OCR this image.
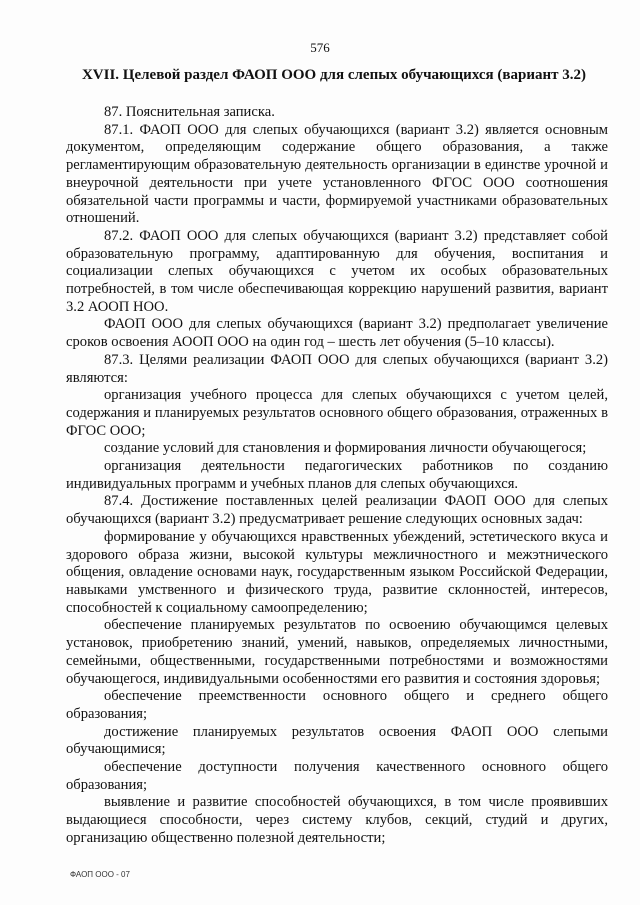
576
XVII. Целевой раздел ФАОП ООО для слепых обучающихся (вариант 3.2)

87. Пояснительная записка.

87.1. ФАОП ООО для слепых обучающихся (вариант 3.2) является основным документом, определяющим содержание общего образования, а также регламентирующим образовательную деятельность организации в единстве урочной и внеурочной деятельности при учете установленного ФГОС ООО соотношения обязательной части программы и части, формируемой участниками образовательных отношений.

87.2. ФАОП ООО для слепых обучающихся (вариант 3.2) представляет собой образовательную программу, адаптированную для обучения, воспитания и социализации слепых обучающихся с учетом их особых образовательных потребностей, в том числе обеспечивающая коррекцию нарушений развития, вариант 3.2 АООП НОО.

ФАОП ООО для слепых обучающихся (вариант 3.2) предполагает увеличение сроков освоения АООП ООО на один год – шесть лет обучения (5–10 классы).

87.3. Целями реализации ФАОП ООО для слепых обучающихся (вариант 3.2) являются:

организация учебного процесса для слепых обучающихся с учетом целей, содержания и планируемых результатов основного общего образования, отраженных в ФГОС ООО;

создание условий для становления и формирования личности обучающегося;

организация деятельности педагогических работников по созданию индивидуальных программ и учебных планов для слепых обучающихся.

87.4. Достижение поставленных целей реализации ФАОП ООО для слепых обучающихся (вариант 3.2) предусматривает решение следующих основных задач:

формирование у обучающихся нравственных убеждений, эстетического вкуса и здорового образа жизни, высокой культуры межличностного и межэтнического общения, овладение основами наук, государственным языком Российской Федерации, навыками умственного и физического труда, развитие склонностей, интересов, способностей к социальному самоопределению;

обеспечение планируемых результатов по освоению обучающимся целевых установок, приобретению знаний, умений, навыков, определяемых личностными, семейными, общественными, государственными потребностями и возможностями обучающегося, индивидуальными особенностями его развития и состояния здоровья;

обеспечение преемственности основного общего и среднего общего образования;

достижение планируемых результатов освоения ФАОП ООО слепыми обучающимися;

обеспечение доступности получения качественного основного общего образования;

выявление и развитие способностей обучающихся, в том числе проявивших выдающиеся способности, через систему клубов, секций, студий и других, организацию общественно полезной деятельности;

ФАОП ООО - 07
